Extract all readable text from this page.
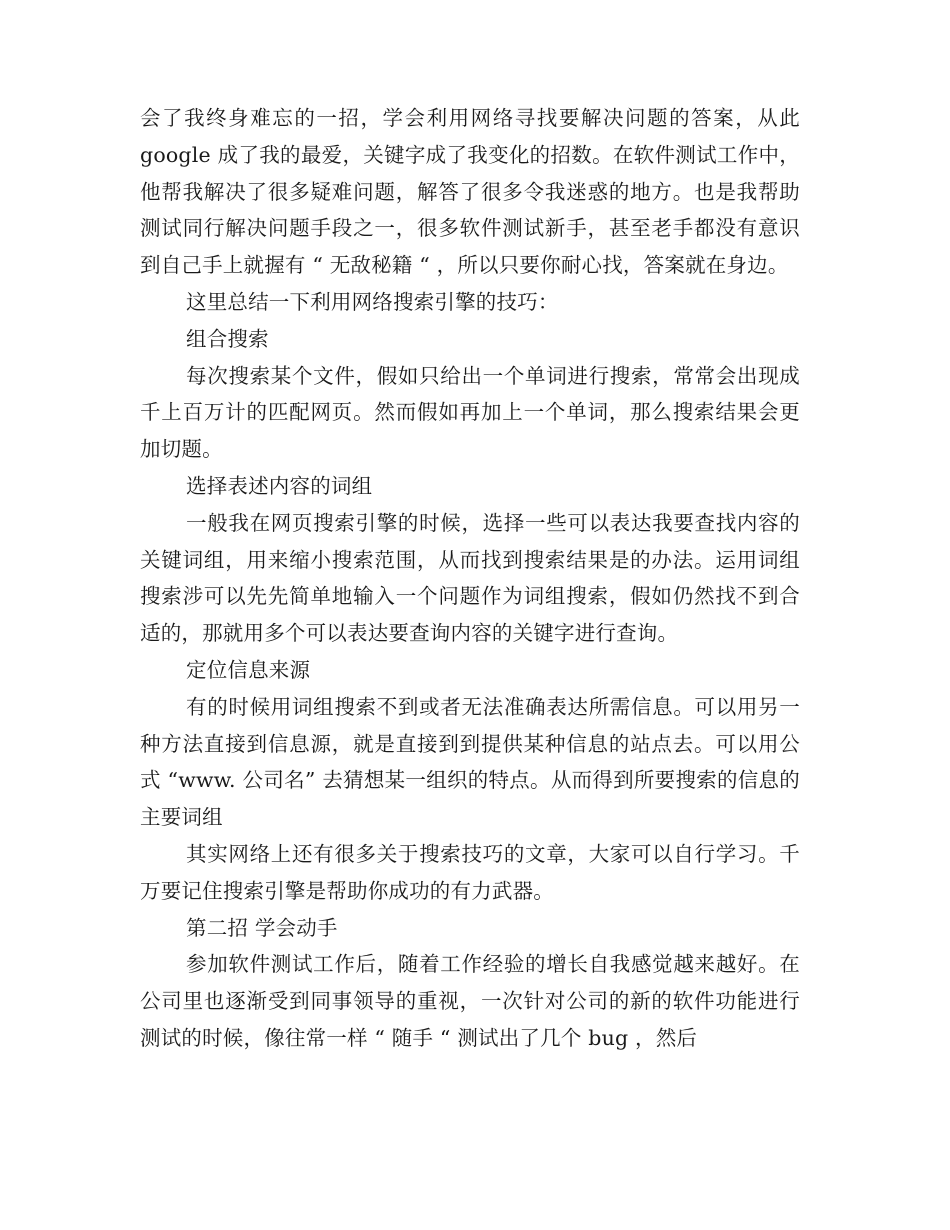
会了我终身难忘的一招，学会利用网络寻找要解决问题的答案，从此google 成了我的最爱，关键字成了我变化的招数。在软件测试工作中，他帮我解决了很多疑难问题，解答了很多令我迷惑的地方。也是我帮助测试同行解决问题手段之一，很多软件测试新手，甚至老手都没有意识到自己手上就握有 “ 无敌秘籍 “ ，所以只要你耐心找，答案就在身边。

这里总结一下利用网络搜索引擎的技巧：

组合搜索

每次搜索某个文件，假如只给出一个单词进行搜索，常常会出现成千上百万计的匹配网页。然而假如再加上一个单词，那么搜索结果会更加切题。

选择表述内容的词组

一般我在网页搜索引擎的时候，选择一些可以表达我要查找内容的关键词组，用来缩小搜索范围，从而找到搜索结果是的办法。运用词组搜索涉可以先先简单地输入一个问题作为词组搜索，假如仍然找不到合适的，那就用多个可以表达要查询内容的关键字进行查询。

定位信息来源

有的时候用词组搜索不到或者无法准确表达所需信息。可以用另一种方法直接到信息源，就是直接到到提供某种信息的站点去。可以用公式 “www. 公司名” 去猜想某一组织的特点。从而得到所要搜索的信息的主要词组

其实网络上还有很多关于搜索技巧的文章，大家可以自行学习。千万要记住搜索引擎是帮助你成功的有力武器。

第二招 学会动手

参加软件测试工作后，随着工作经验的增长自我感觉越来越好。在公司里也逐渐受到同事领导的重视，一次针对公司的新的软件功能进行测试的时候，像往常一样 “ 随手 “ 测试出了几个 bug ，然后
